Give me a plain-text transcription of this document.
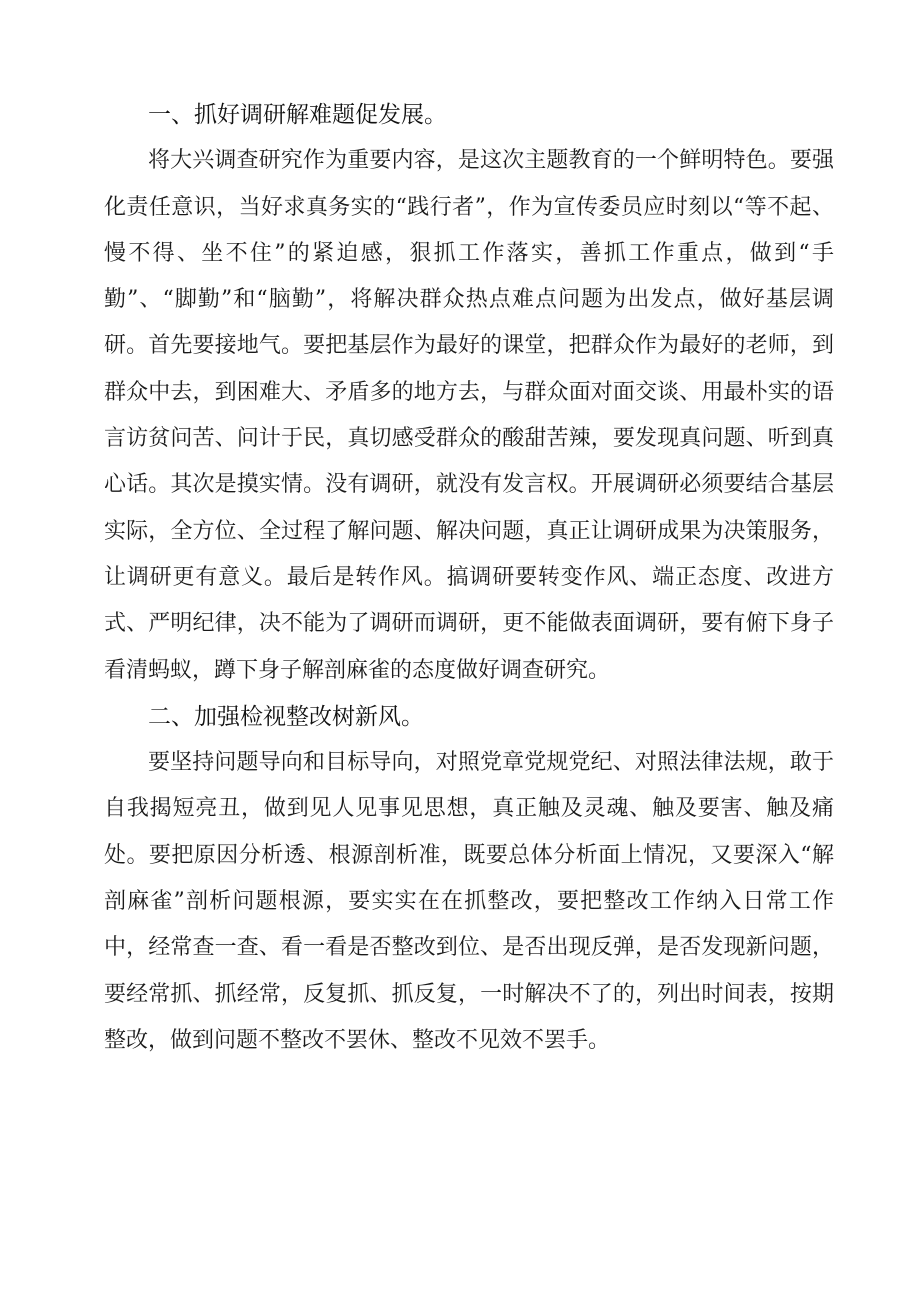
一、抓好调研解难题促发展。

将大兴调查研究作为重要内容，是这次主题教育的一个鲜明特色。要强化责任意识，当好求真务实的“践行者”，作为宣传委员应时刻以“等不起、慢不得、坐不住”的紧迫感，狠抓工作落实，善抓工作重点，做到“手勤”、“脚勤”和“脑勤”，将解决群众热点难点问题为出发点，做好基层调研。首先要接地气。要把基层作为最好的课堂，把群众作为最好的老师，到群众中去，到困难大、矛盾多的地方去，与群众面对面交谈、用最朴实的语言访贫问苦、问计于民，真切感受群众的酸甜苦辣，要发现真问题、听到真心话。其次是摸实情。没有调研，就没有发言权。开展调研必须要结合基层实际，全方位、全过程了解问题、解决问题，真正让调研成果为决策服务，让调研更有意义。最后是转作风。搞调研要转变作风、端正态度、改进方式、严明纪律，决不能为了调研而调研，更不能做表面调研，要有俯下身子看清蚂蚁，蹲下身子解剖麻雀的态度做好调查研究。

二、加强检视整改树新风。

要坚持问题导向和目标导向，对照党章党规党纪、对照法律法规，敢于自我揭短亮丑，做到见人见事见思想，真正触及灵魂、触及要害、触及痛处。要把原因分析透、根源剖析准，既要总体分析面上情况，又要深入“解剖麻雀”剖析问题根源，要实实在在抓整改，要把整改工作纳入日常工作中，经常查一查、看一看是否整改到位、是否出现反弹，是否发现新问题，要经常抓、抓经常，反复抓、抓反复，一时解决不了的，列出时间表，按期整改，做到问题不整改不罢休、整改不见效不罢手。
